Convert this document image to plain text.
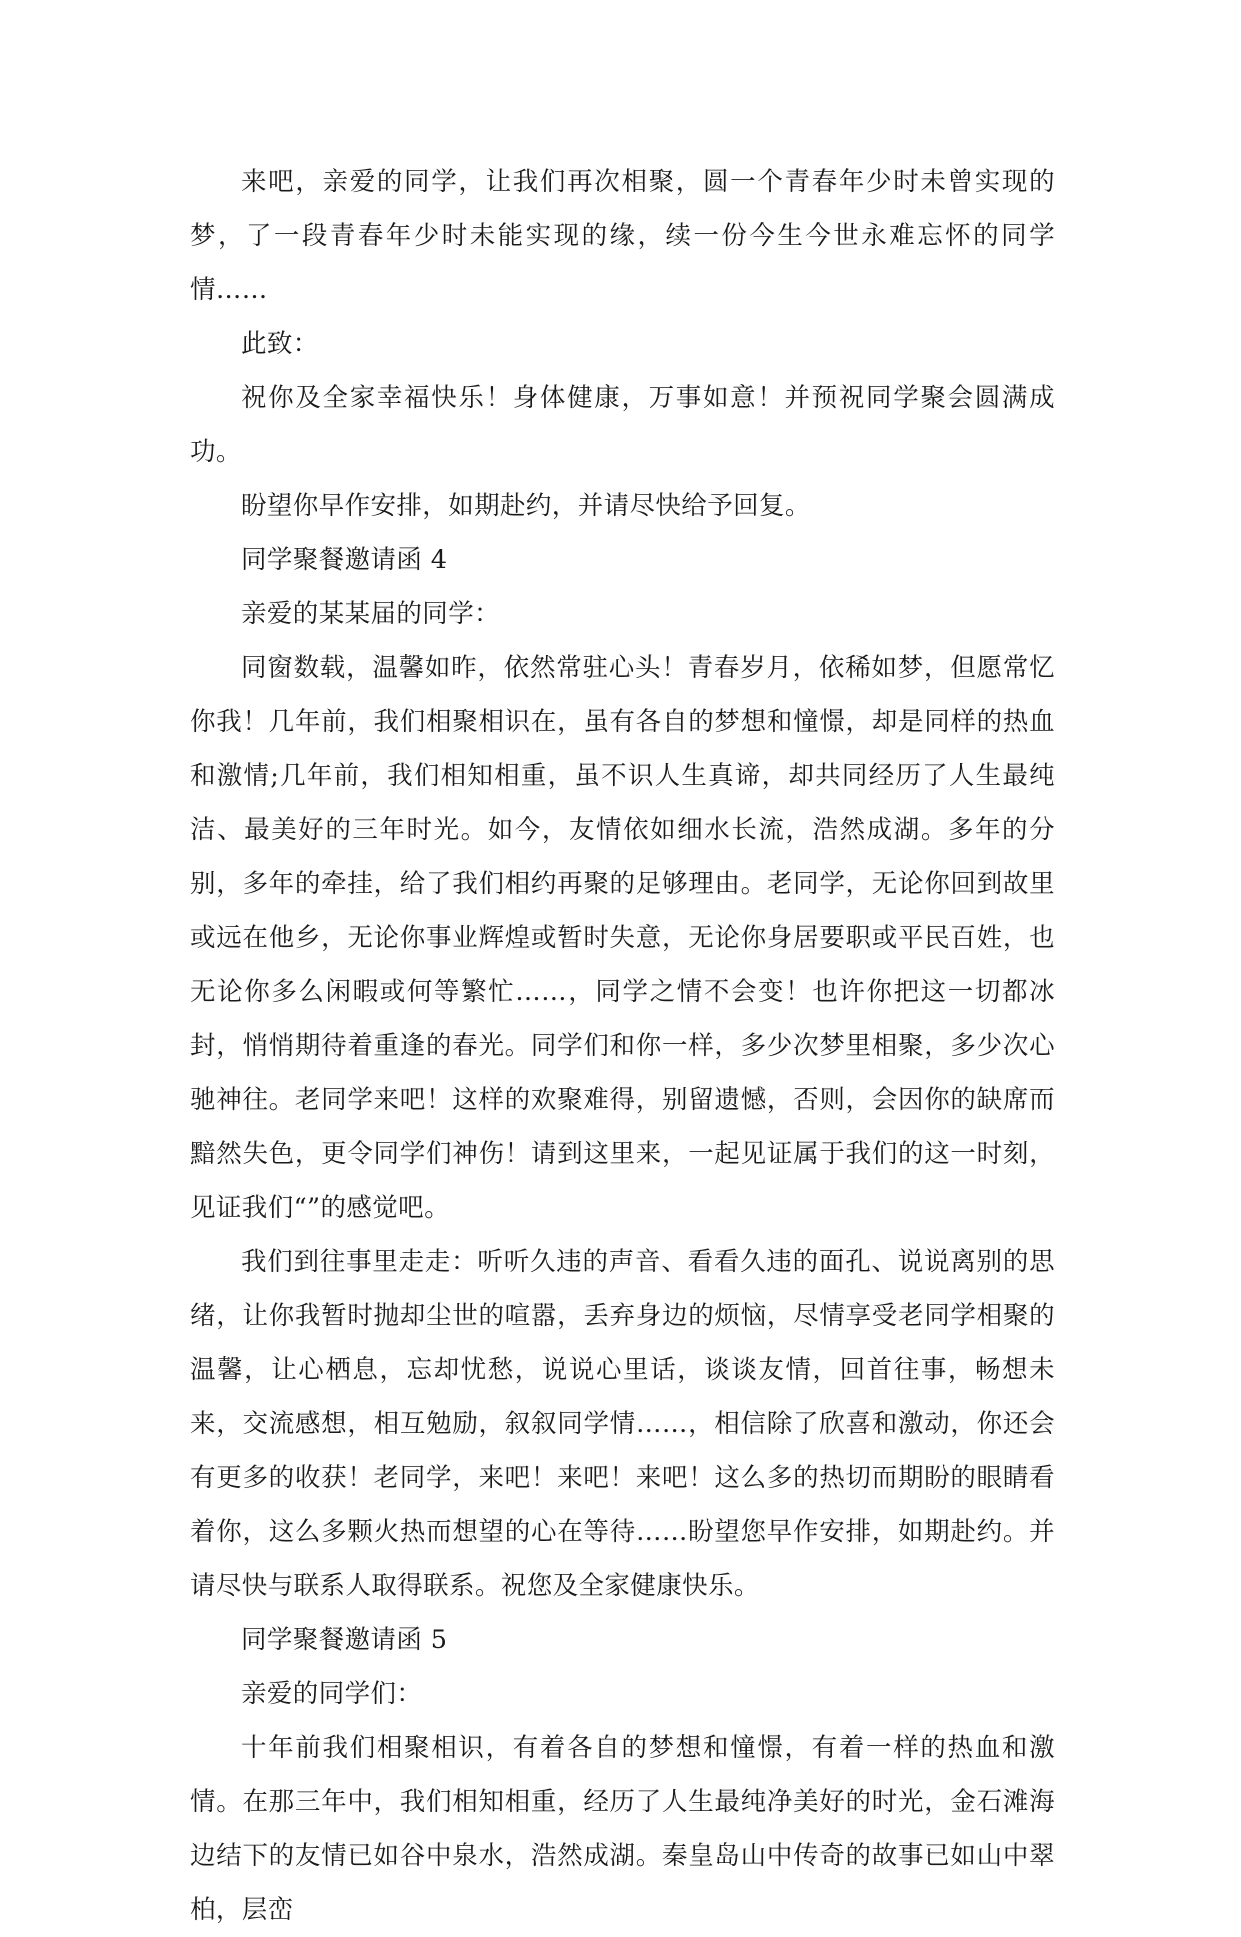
来吧，亲爱的同学，让我们再次相聚，圆一个青春年少时未曾实现的梦，了一段青春年少时未能实现的缘，续一份今生今世永难忘怀的同学情……

此致：

祝你及全家幸福快乐！身体健康，万事如意！并预祝同学聚会圆满成功。

盼望你早作安排，如期赴约，并请尽快给予回复。

同学聚餐邀请函 4

亲爱的某某届的同学：

同窗数载，温馨如昨，依然常驻心头！青春岁月，依稀如梦，但愿常忆你我！几年前，我们相聚相识在，虽有各自的梦想和憧憬，却是同样的热血和激情;几年前，我们相知相重，虽不识人生真谛，却共同经历了人生最纯洁、最美好的三年时光。如今，友情依如细水长流，浩然成湖。多年的分别，多年的牵挂，给了我们相约再聚的足够理由。老同学，无论你回到故里或远在他乡，无论你事业辉煌或暂时失意，无论你身居要职或平民百姓，也无论你多么闲暇或何等繁忙……，同学之情不会变！也许你把这一切都冰封，悄悄期待着重逢的春光。同学们和你一样，多少次梦里相聚，多少次心驰神往。老同学来吧！这样的欢聚难得，别留遗憾，否则，会因你的缺席而黯然失色，更令同学们神伤！请到这里来，一起见证属于我们的这一时刻，见证我们“”的感觉吧。

我们到往事里走走：听听久违的声音、看看久违的面孔、说说离别的思绪，让你我暂时抛却尘世的喧嚣，丢弃身边的烦恼，尽情享受老同学相聚的温馨，让心栖息，忘却忧愁，说说心里话，谈谈友情，回首往事，畅想未来，交流感想，相互勉励，叙叙同学情……，相信除了欣喜和激动，你还会有更多的收获！老同学，来吧！来吧！来吧！这么多的热切而期盼的眼睛看着你，这么多颗火热而想望的心在等待……盼望您早作安排，如期赴约。并请尽快与联系人取得联系。祝您及全家健康快乐。

同学聚餐邀请函 5

亲爱的同学们：

十年前我们相聚相识，有着各自的梦想和憧憬，有着一样的热血和激情。在那三年中，我们相知相重，经历了人生最纯净美好的时光，金石滩海边结下的友情已如谷中泉水，浩然成湖。秦皇岛山中传奇的故事已如山中翠柏，层峦
